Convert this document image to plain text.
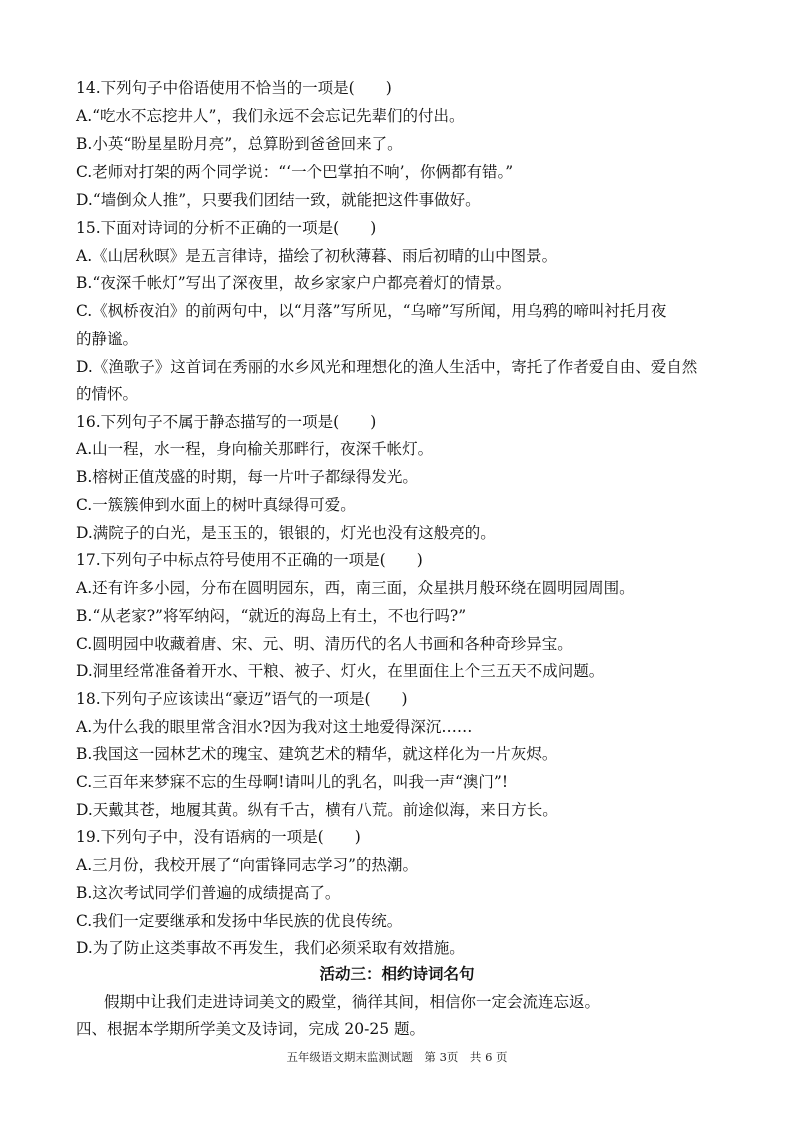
14.下列句子中俗语使用不恰当的一项是(　　)
A.“吃水不忘挖井人”，我们永远不会忘记先辈们的付出。
B.小英“盼星星盼月亮”，总算盼到爸爸回来了。
C.老师对打架的两个同学说：“‘一个巴掌拍不响’，你俩都有错。”
D.“墙倒众人推”，只要我们团结一致，就能把这件事做好。
15.下面对诗词的分析不正确的一项是(　　)
A.《山居秋暝》是五言律诗，描绘了初秋薄暮、雨后初晴的山中图景。
B.“夜深千帐灯”写出了深夜里，故乡家家户户都亮着灯的情景。
C.《枫桥夜泊》的前两句中，以“月落”写所见，“乌啼”写所闻，用乌鸦的啼叫衬托月夜
的静谧。
D.《渔歌子》这首词在秀丽的水乡风光和理想化的渔人生活中，寄托了作者爱自由、爱自然
的情怀。
16.下列句子不属于静态描写的一项是(　　)
A.山一程，水一程，身向榆关那畔行，夜深千帐灯。
B.榕树正值茂盛的时期，每一片叶子都绿得发光。
C.一簇簇伸到水面上的树叶真绿得可爱。
D.满院子的白光，是玉玉的，银银的，灯光也没有这般亮的。
17.下列句子中标点符号使用不正确的一项是(　　)
A.还有许多小园，分布在圆明园东，西，南三面，众星拱月般环绕在圆明园周围。
B.“从老家?”将军纳闷，“就近的海岛上有土，不也行吗?”
C.圆明园中收藏着唐、宋、元、明、清历代的名人书画和各种奇珍异宝。
D.洞里经常准备着开水、干粮、被子、灯火，在里面住上个三五天不成问题。
18.下列句子应该读出“豪迈”语气的一项是(　　)
A.为什么我的眼里常含泪水?因为我对这土地爱得深沉……
B.我国这一园林艺术的瑰宝、建筑艺术的精华，就这样化为一片灰烬。
C.三百年来梦寐不忘的生母啊!请叫儿的乳名，叫我一声“澳门”!
D.天戴其苍，地履其黄。纵有千古，横有八荒。前途似海，来日方长。
19.下列句子中，没有语病的一项是(　　)
A.三月份，我校开展了“向雷锋同志学习”的热潮。
B.这次考试同学们普遍的成绩提高了。
C.我们一定要继承和发扬中华民族的优良传统。
D.为了防止这类事故不再发生，我们必须采取有效措施。
活动三：相约诗词名句
假期中让我们走进诗词美文的殿堂，徜徉其间，相信你一定会流连忘返。
四、根据本学期所学美文及诗词，完成 20-25 题。
五年级语文期末监测试题　第 3页　共 6 页
